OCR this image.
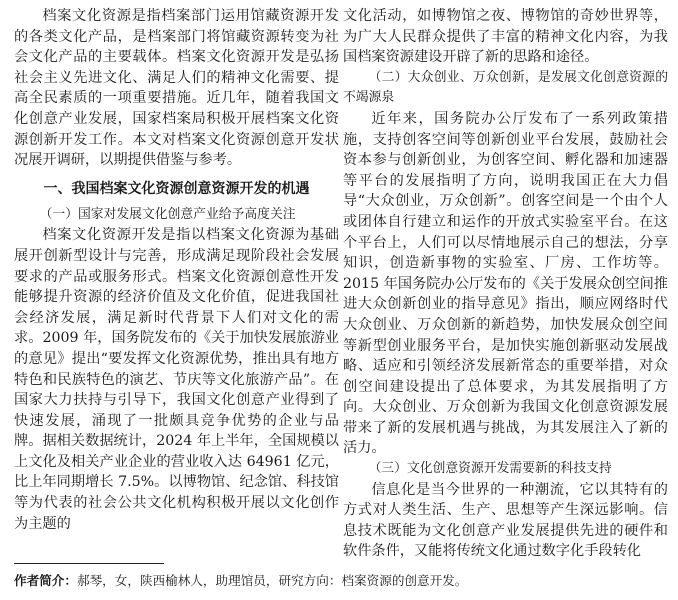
档案文化资源是指档案部门运用馆藏资源开发的各类文化产品，是档案部门将馆藏资源转变为社会文化产品的主要载体。档案文化资源开发是弘扬社会主义先进文化、满足人们的精神文化需要、提高全民素质的一项重要措施。近几年，随着我国文化创意产业发展，国家档案局积极开展档案文化资源创新开发工作。本文对档案文化资源创意开发状况展开调研，以期提供借鉴与参考。

一、我国档案文化资源创意资源开发的机遇

（一）国家对发展文化创意产业给予高度关注

档案文化资源开发是指以档案文化资源为基础展开创新型设计与完善，形成满足现阶段社会发展要求的产品或服务形式。档案文化资源创意性开发能够提升资源的经济价值及文化价值，促进我国社会经济发展，满足新时代背景下人们对文化的需求。2009 年，国务院发布的《关于加快发展旅游业的意见》提出“要发挥文化资源优势，推出具有地方特色和民族特色的演艺、节庆等文化旅游产品”。在国家大力扶持与引导下，我国文化创意产业得到了快速发展，涌现了一批颇具竞争优势的企业与品牌。据相关数据统计，2024 年上半年，全国规模以上文化及相关产业企业的营业收入达 64961 亿元，比上年同期增长 7.5%。以博物馆、纪念馆、科技馆等为代表的社会公共文化机构积极开展以文化创作为主题的

文化活动，如博物馆之夜、博物馆的奇妙世界等，为广大人民群众提供了丰富的精神文化内容，为我国档案资源建设开辟了新的思路和途径。

（二）大众创业、万众创新，是发展文化创意资源的不竭源泉

近年来，国务院办公厅发布了一系列政策措施，支持创客空间等创新创业平台发展，鼓励社会资本参与创新创业，为创客空间、孵化器和加速器等平台的发展指明了方向，说明我国正在大力倡导“大众创业，万众创新”。创客空间是一个由个人或团体自行建立和运作的开放式实验室平台。在这个平台上，人们可以尽情地展示自己的想法，分享知识，创造新事物的实验室、厂房、工作坊等。2015 年国务院办公厅发布的《关于发展众创空间推进大众创新创业的指导意见》指出，顺应网络时代大众创业、万众创新的新趋势，加快发展众创空间等新型创业服务平台，是加快实施创新驱动发展战略、适应和引领经济发展新常态的重要举措，对众创空间建设提出了总体要求，为其发展指明了方向。大众创业、万众创新为我国文化创意资源发展带来了新的发展机遇与挑战，为其发展注入了新的活力。

（三）文化创意资源开发需要新的科技支持

信息化是当今世界的一种潮流，它以其特有的方式对人类生活、生产、思想等产生深远影响。信息技术既能为文化创意产业发展提供先进的硬件和软件条件，又能将传统文化通过数字化手段转化

作者简介：郝琴，女，陕西榆林人，助理馆员，研究方向：档案资源的创意开发。
